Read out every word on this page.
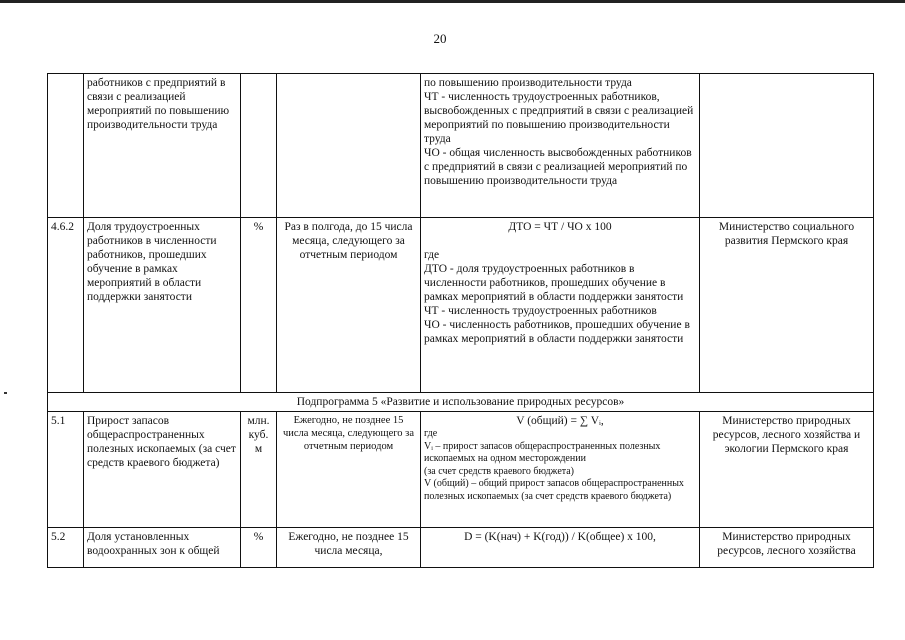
20
	работников с предприятий в связи с реализацией мероприятий по повышению производительности труда			по повышению производительности труда
ЧТ - численность трудоустроенных работников, высвобожденных с предприятий в связи с реализацией мероприятий по повышению производительности труда
ЧО - общая численность высвобожденных работников с предприятий в связи с реализацией мероприятий по повышению производительности труда	

4.6.2	Доля трудоустроенных работников в численности работников, прошедших обучение в рамках мероприятий в области поддержки занятости	%	Раз в полгода, до 15 числа месяца, следующего за отчетным периодом	ДТО = ЧТ / ЧО х 100
где
ДТО - доля трудоустроенных работников в численности работников, прошедших обучение в рамках мероприятий в области поддержки занятости
ЧТ - численность трудоустроенных работников
ЧО - численность работников, прошедших обучение в рамках мероприятий в области поддержки занятости	Министерство социального развития Пермского края
Подпрограмма 5 «Развитие и использование природных ресурсов»					
5.1	Прирост запасов общераспространенных полезных ископаемых (за счет средств краевого бюджета)	млн. куб. м	Ежегодно, не позднее 15 числа месяца, следующего за отчетным периодом	V (общий) = ∑ Vᵢ,
где
Vᵢ – прирост запасов общераспространенных полезных ископаемых на одном месторождении
(за счет средств краевого бюджета)
V (общий) – общий прирост запасов общераспространенных полезных ископаемых (за счет средств краевого бюджета)	Министерство природных ресурсов, лесного хозяйства и экологии Пермского края
5.2	Доля установленных водоохранных зон к общей	%	Ежегодно, не позднее 15 числа месяца,	D = (K(нач) + K(год)) / K(общее) х 100,	Министерство природных ресурсов, лесного хозяйства
